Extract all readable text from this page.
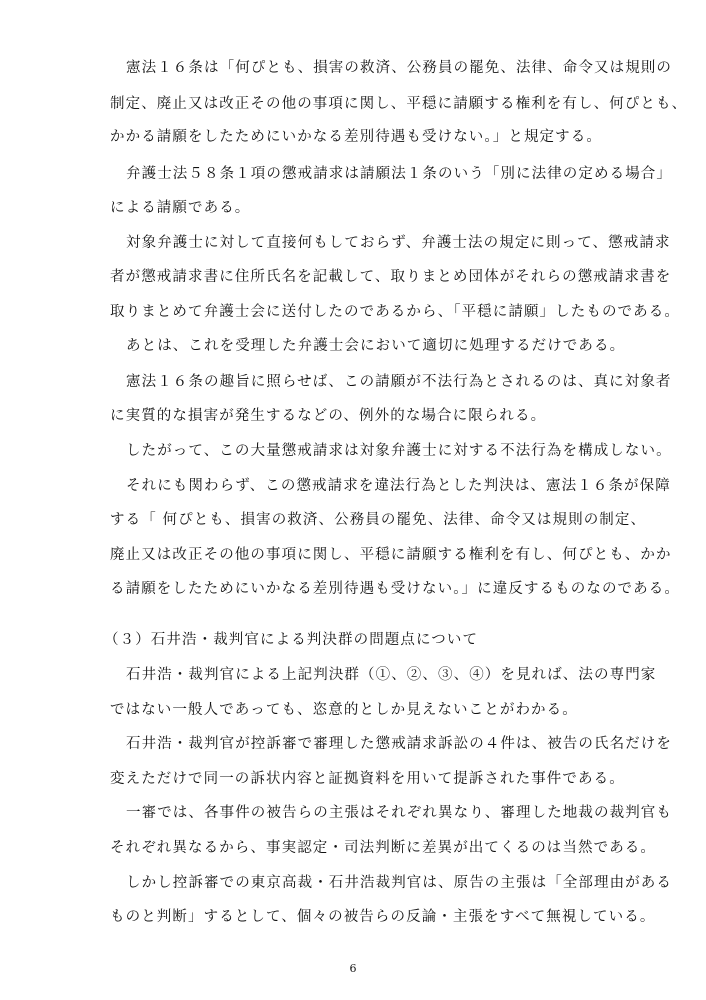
憲法１６条は「何ぴとも、損害の救済、公務員の罷免、法律、命令又は規則の
制定、廃止又は改正その他の事項に関し、平穏に請願する権利を有し、何ぴとも、
かかる請願をしたためにいかなる差別待遇も受けない。」と規定する。
弁護士法５８条１項の懲戒請求は請願法１条のいう「別に法律の定める場合」
による請願である。
対象弁護士に対して直接何もしておらず、弁護士法の規定に則って、懲戒請求
者が懲戒請求書に住所氏名を記載して、取りまとめ団体がそれらの懲戒請求書を
取りまとめて弁護士会に送付したのであるから、「平穏に請願」したものである。
あとは、これを受理した弁護士会において適切に処理するだけである。
憲法１６条の趣旨に照らせば、この請願が不法行為とされるのは、真に対象者
に実質的な損害が発生するなどの、例外的な場合に限られる。
したがって、この大量懲戒請求は対象弁護士に対する不法行為を構成しない。
それにも関わらず、この懲戒請求を違法行為とした判決は、憲法１６条が保障
する「 何ぴとも、損害の救済、公務員の罷免、法律、命令又は規則の制定、
廃止又は改正その他の事項に関し、平穏に請願する権利を有し、何ぴとも、かか
る請願をしたためにいかなる差別待遇も受けない。」に違反するものなのである。
（３）石井浩・裁判官による判決群の問題点について
石井浩・裁判官による上記判決群（①、②、③、④）を見れば、法の専門家
ではない一般人であっても、恣意的としか見えないことがわかる。
石井浩・裁判官が控訴審で審理した懲戒請求訴訟の４件は、被告の氏名だけを
変えただけで同一の訴状内容と証拠資料を用いて提訴された事件である。
一審では、各事件の被告らの主張はそれぞれ異なり、審理した地裁の裁判官も
それぞれ異なるから、事実認定・司法判断に差異が出てくるのは当然である。
しかし控訴審での東京高裁・石井浩裁判官は、原告の主張は「全部理由がある
ものと判断」するとして、個々の被告らの反論・主張をすべて無視している。
6
